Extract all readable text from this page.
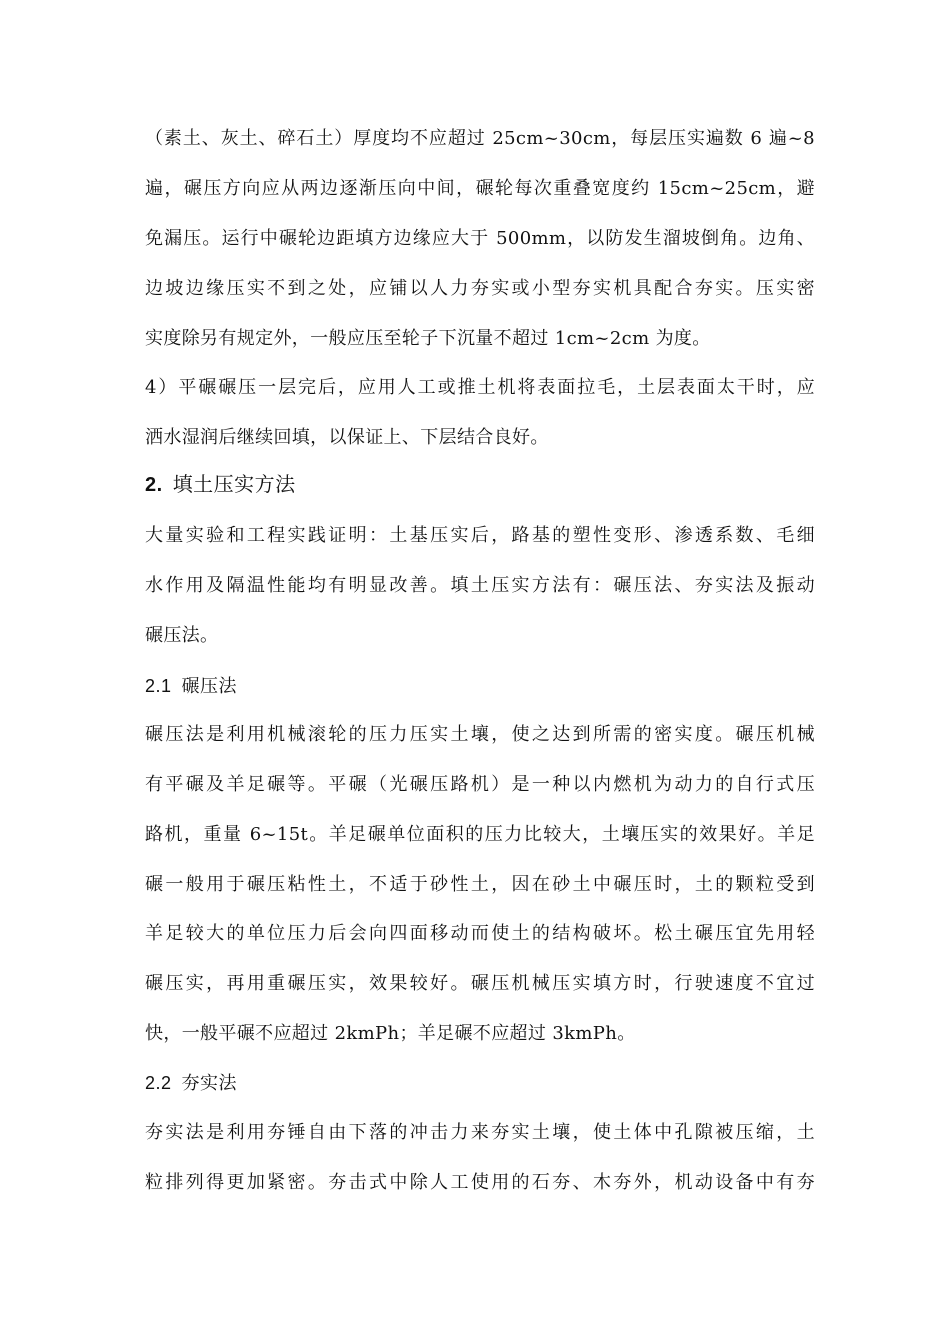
（素土、灰土、碎石土）厚度均不应超过 25cm~30cm，每层压实遍数 6 遍~8
遍，碾压方向应从两边逐渐压向中间，碾轮每次重叠宽度约 15cm~25cm，避
免漏压。运行中碾轮边距填方边缘应大于 500mm，以防发生溜坡倒角。边角、
边坡边缘压实不到之处，应铺以人力夯实或小型夯实机具配合夯实。压实密
实度除另有规定外，一般应压至轮子下沉量不超过 1cm~2cm 为度。
4）平碾碾压一层完后，应用人工或推土机将表面拉毛，土层表面太干时，应
洒水湿润后继续回填，以保证上、下层结合良好。
2. 填土压实方法
大量实验和工程实践证明：土基压实后，路基的塑性变形、渗透系数、毛细
水作用及隔温性能均有明显改善。填土压实方法有：碾压法、夯实法及振动
碾压法。
2.1 碾压法
碾压法是利用机械滚轮的压力压实土壤，使之达到所需的密实度。碾压机械
有平碾及羊足碾等。平碾（光碾压路机）是一种以内燃机为动力的自行式压
路机，重量 6~15t。羊足碾单位面积的压力比较大，土壤压实的效果好。羊足
碾一般用于碾压粘性土，不适于砂性土，因在砂土中碾压时，土的颗粒受到
羊足较大的单位压力后会向四面移动而使土的结构破坏。松土碾压宜先用轻
碾压实，再用重碾压实，效果较好。碾压机械压实填方时，行驶速度不宜过
快，一般平碾不应超过 2kmPh；羊足碾不应超过 3kmPh。
2.2 夯实法
夯实法是利用夯锤自由下落的冲击力来夯实土壤，使土体中孔隙被压缩，土
粒排列得更加紧密。夯击式中除人工使用的石夯、木夯外，机动设备中有夯
